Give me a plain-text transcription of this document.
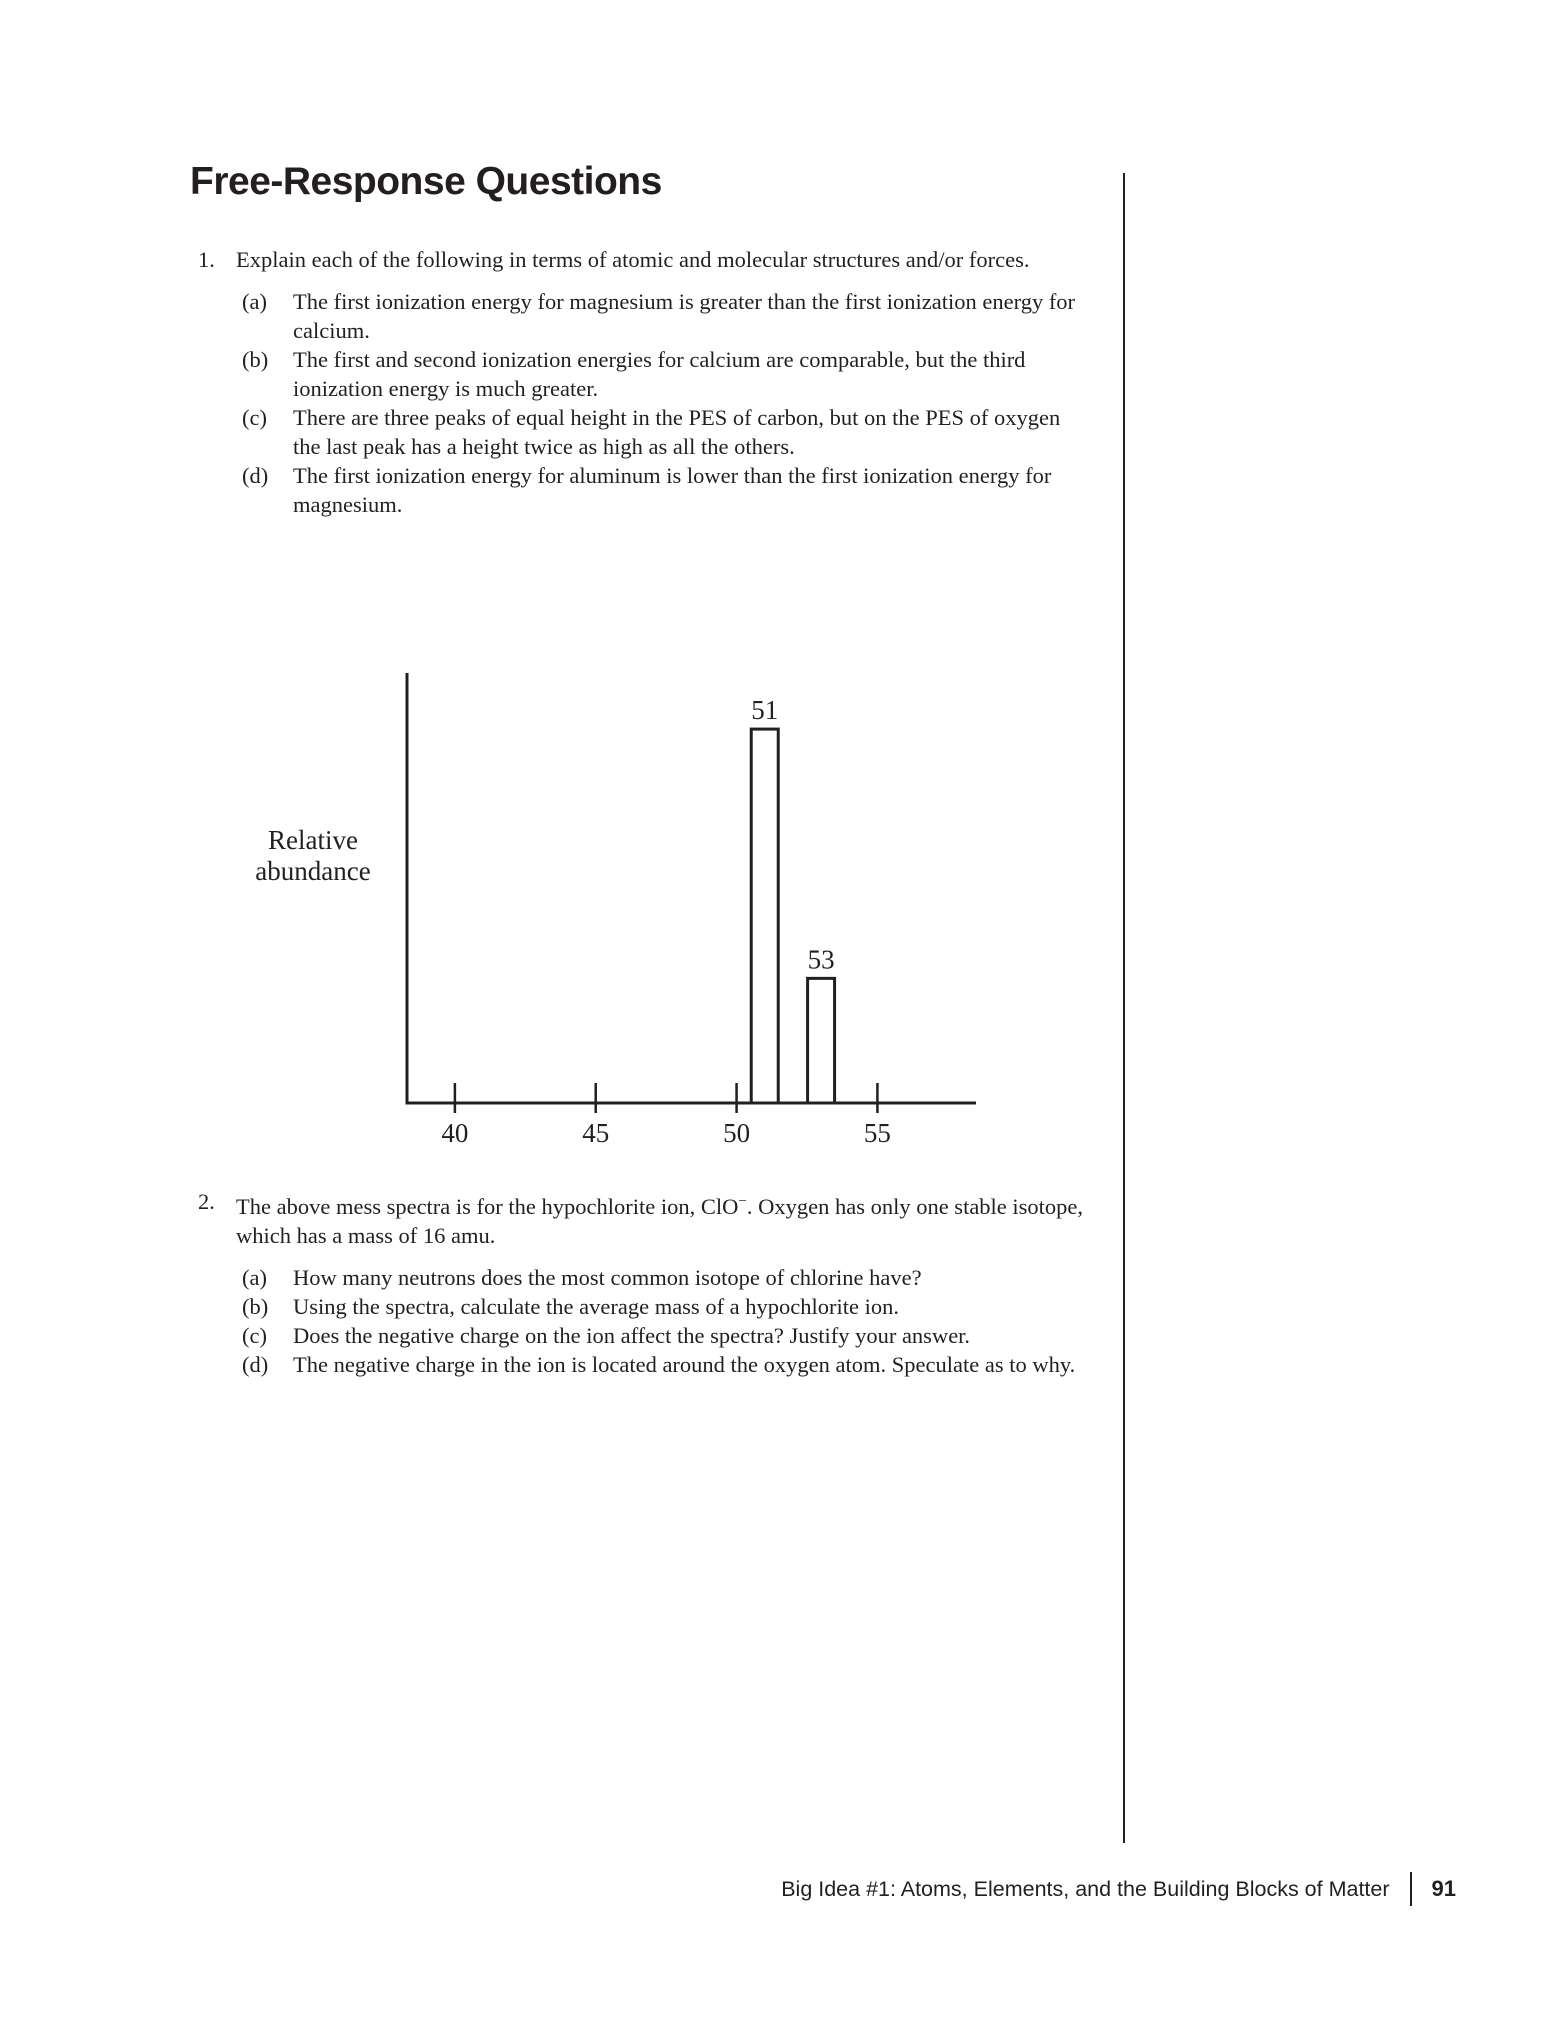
Free-Response Questions
1. Explain each of the following in terms of atomic and molecular structures and/or forces.
(a) The first ionization energy for magnesium is greater than the first ionization energy for calcium.
(b) The first and second ionization energies for calcium are comparable, but the third ionization energy is much greater.
(c) There are three peaks of equal height in the PES of carbon, but on the PES of oxygen the last peak has a height twice as high as all the others.
(d) The first ionization energy for aluminum is lower than the first ionization energy for magnesium.
40	45	50	55
51
53
Relative abundance
2. The above mess spectra is for the hypochlorite ion, ClO−. Oxygen has only one stable isotope, which has a mass of 16 amu.
(a) How many neutrons does the most common isotope of chlorine have?
(b) Using the spectra, calculate the average mass of a hypochlorite ion.
(c) Does the negative charge on the ion affect the spectra? Justify your answer.
(d) The negative charge in the ion is located around the oxygen atom. Speculate as to why.
Big Idea #1: Atoms, Elements, and the Building Blocks of Matter 91
